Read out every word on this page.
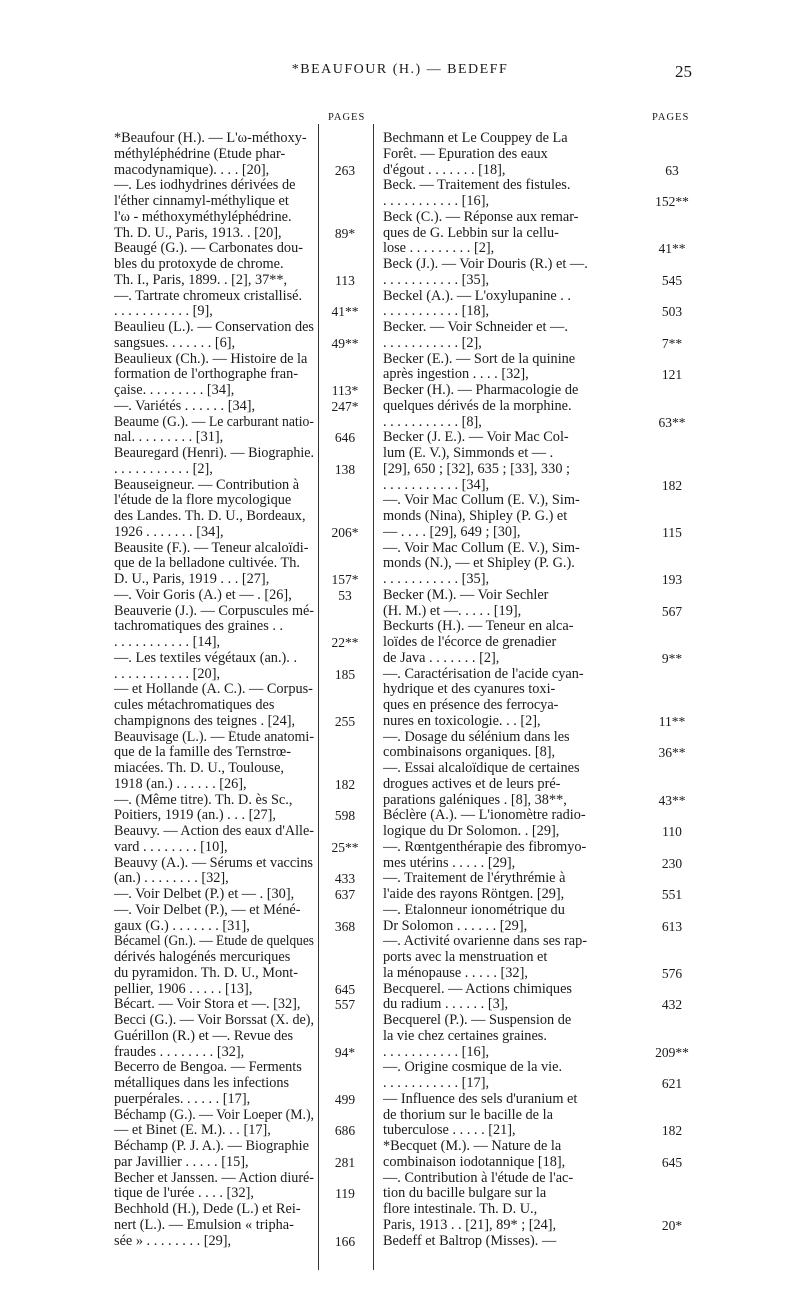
*BEAUFOUR (H.) — BEDEFF	25
PAGES	PAGES
*Beaufour (H.). — L'ω-méthoxy-
méthyléphédrine (Étude phar-
macodynamique). . . . [20],
—. Les iodhydrines dérivées de
l'éther cinnamyl-méthylique et
l'ω - méthoxyméthyléphédrine.
Th. D. U., Paris, 1913. . [20],
Beaugé (G.). — Carbonates dou-
bles du protoxyde de chrome.
Th. I., Paris, 1899. . [2], 37**,
—. Tartrate chromeux cristallisé.
. . . . . . . . . . . [9],
Beaulieu (L.). — Conservation des
sangsues. . . . . . . [6],
Beaulieux (Ch.). — Histoire de la
formation de l'orthographe fran-
çaise. . . . . . . . . [34],
—. Variétés . . . . . . [34],
Beaume (G.). — Le carburant natio-
nal. . . . . . . . . [31],
Beauregard (Henri). — Biographie.
. . . . . . . . . . . [2],
Beauseigneur. — Contribution à
l'étude de la flore mycologique
des Landes. Th. D. U., Bordeaux,
1926 . . . . . . . [34],
Beausite (F.). — Teneur alcaloïdi-
que de la belladone cultivée. Th.
D. U., Paris, 1919 . . . [27],
—. Voir Goris (A.) et — . [26],
Beauverie (J.). — Corpuscules mé-
tachromatiques des graines . .
. . . . . . . . . . . [14],
—. Les textiles végétaux (an.). .
. . . . . . . . . . . [20],
— et Hollande (A. C.). — Corpus-
cules métachromatiques des
champignons des teignes . [24],
Beauvisage (L.). — Étude anatomi-
que de la famille des Ternstrœ-
miacées. Th. D. U., Toulouse,
1918 (an.) . . . . . . [26],
—. (Même titre). Th. D. ès Sc.,
Poitiers, 1919 (an.) . . . [27],
Beauvy. — Action des eaux d'Alle-
vard . . . . . . . . [10],
Beauvy (A.). — Sérums et vaccins
(an.) . . . . . . . . [32],
—. Voir Delbet (P.) et — . [30],
—. Voir Delbet (P.), — et Méné-
gaux (G.) . . . . . . . [31],
Bécamel (Gn.). — Étude de quelques
dérivés halogénés mercuriques
du pyramidon. Th. D. U., Mont-
pellier, 1906 . . . . . [13],
Bécart. — Voir Stora et —. [32],
Becci (G.). — Voir Borssat (X. de),
Guérillon (R.) et —. Revue des
fraudes . . . . . . . . [32],
Becerro de Bengoa. — Ferments
métalliques dans les infections
puerpérales. . . . . . [17],
Béchamp (G.). — Voir Loeper (M.),
— et Binet (E. M.). . . [17],
Béchamp (P. J. A.). — Biographie
par Javillier . . . . . [15],
Becher et Janssen. — Action diuré-
tique de l'urée . . . . [32],
Bechhold (H.), Dede (L.) et Rei-
nert (L.). — Émulsion « tripha-
sée » . . . . . . . . [29],
263
89*
113
41**
49**
113*
247*
646
138
206*
157*
53
22**
185
255
182
598
25**
433
637
368
645
557
94*
499
686
281
119
166
Bechmann et Le Couppey de La
Forêt. — Épuration des eaux
d'égout . . . . . . . [18],
Beck. — Traitement des fistules.
. . . . . . . . . . . [16],
Beck (C.). — Réponse aux remar-
ques de G. Lebbin sur la cellu-
lose . . . . . . . . . [2],
Beck (J.). — Voir Douris (R.) et —.
. . . . . . . . . . . [35],
Beckel (A.). — L'oxylupanine . .
. . . . . . . . . . . [18],
Becker. — Voir Schneider et —.
. . . . . . . . . . . [2],
Becker (E.). — Sort de la quinine
après ingestion . . . . [32],
Becker (H.). — Pharmacologie de
quelques dérivés de la morphine.
. . . . . . . . . . . [8],
Becker (J. E.). — Voir Mac Col-
lum (E. V.), Simmonds et — .
[29], 650 ; [32], 635 ; [33], 330 ;
. . . . . . . . . . . [34],
—. Voir Mac Collum (E. V.), Sim-
monds (Nina), Shipley (P. G.) et
— . . . . [29], 649 ; [30],
—. Voir Mac Collum (E. V.), Sim-
monds (N.), — et Shipley (P. G.).
. . . . . . . . . . . [35],
Becker (M.). — Voir Sechler
(H. M.) et —. . . . . [19],
Beckurts (H.). — Teneur en alca-
loïdes de l'écorce de grenadier
de Java . . . . . . . [2],
—. Caractérisation de l'acide cyan-
hydrique et des cyanures toxi-
ques en présence des ferrocya-
nures en toxicologie. . . [2],
—. Dosage du sélénium dans les
combinaisons organiques. [8],
—. Essai alcaloïdique de certaines
drogues actives et de leurs pré-
parations galéniques . [8], 38**,
Béclère (A.). — L'ionomètre radio-
logique du Dr Solomon. . [29],
—. Rœntgenthérapie des fibromyo-
mes utérins . . . . . [29],
—. Traitement de l'érythrémie à
l'aide des rayons Röntgen. [29],
—. Étalonneur ionométrique du
Dr Solomon . . . . . . [29],
—. Activité ovarienne dans ses rap-
ports avec la menstruation et
la ménopause . . . . . [32],
Becquerel. — Actions chimiques
du radium . . . . . . [3],
Becquerel (P.). — Suspension de
la vie chez certaines graines.
. . . . . . . . . . . [16],
—. Origine cosmique de la vie.
. . . . . . . . . . . [17],
— Influence des sels d'uranium et
de thorium sur le bacille de la
tuberculose . . . . . [21],
*Becquet (M.). — Nature de la
combinaison iodotannique [18],
—. Contribution à l'étude de l'ac-
tion du bacille bulgare sur la
flore intestinale. Th. D. U.,
Paris, 1913 . . [21], 89* ; [24],
Bedeff et Baltrop (Misses). —
63
152**
41**
545
503
7**
121
63**
182
115
193
567
9**
11**
36**
43**
110
230
551
613
576
432
209**
621
182
645
20*
